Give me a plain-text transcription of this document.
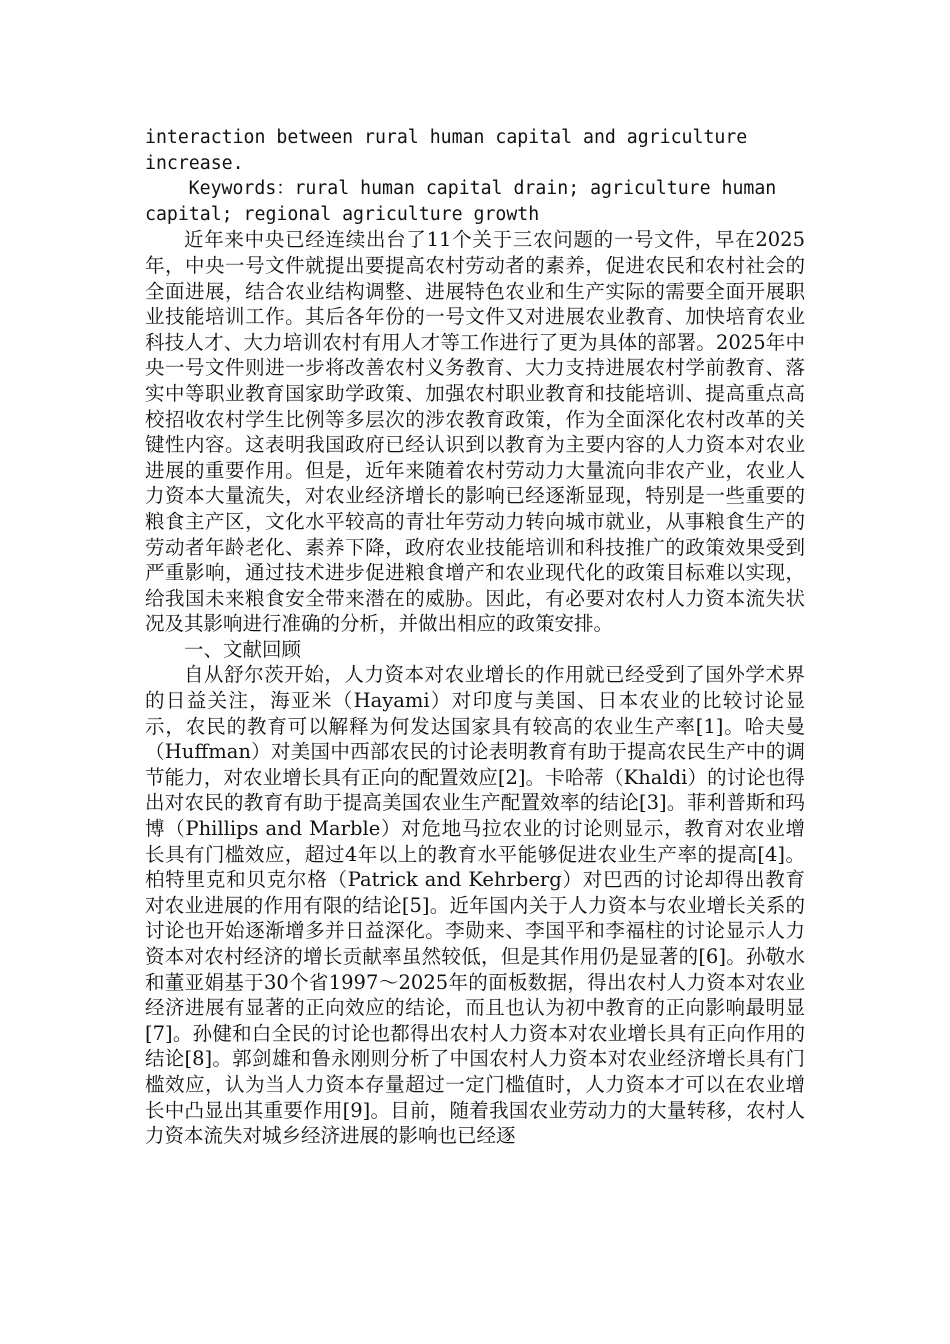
interaction between rural human capital and agriculture increase.

Keywords：rural human capital drain; agriculture human capital; regional agriculture growth

近年来中央已经连续出台了11个关于三农问题的一号文件，早在2025年，中央一号文件就提出要提高农村劳动者的素养，促进农民和农村社会的全面进展，结合农业结构调整、进展特色农业和生产实际的需要全面开展职业技能培训工作。其后各年份的一号文件又对进展农业教育、加快培育农业科技人才、大力培训农村有用人才等工作进行了更为具体的部署。2025年中央一号文件则进一步将改善农村义务教育、大力支持进展农村学前教育、落实中等职业教育国家助学政策、加强农村职业教育和技能培训、提高重点高校招收农村学生比例等多层次的涉农教育政策，作为全面深化农村改革的关键性内容。这表明我国政府已经认识到以教育为主要内容的人力资本对农业进展的重要作用。但是，近年来随着农村劳动力大量流向非农产业，农业人力资本大量流失，对农业经济增长的影响已经逐渐显现，特别是一些重要的粮食主产区，文化水平较高的青壮年劳动力转向城市就业，从事粮食生产的劳动者年龄老化、素养下降，政府农业技能培训和科技推广的政策效果受到严重影响，通过技术进步促进粮食增产和农业现代化的政策目标难以实现，给我国未来粮食安全带来潜在的威胁。因此，有必要对农村人力资本流失状况及其影响进行准确的分析，并做出相应的政策安排。

一、文献回顾

自从舒尔茨开始，人力资本对农业增长的作用就已经受到了国外学术界的日益关注，海亚米（Hayami）对印度与美国、日本农业的比较讨论显示，农民的教育可以解释为何发达国家具有较高的农业生产率[1]。哈夫曼（Huffman）对美国中西部农民的讨论表明教育有助于提高农民生产中的调节能力，对农业增长具有正向的配置效应[2]。卡哈蒂（Khaldi）的讨论也得出对农民的教育有助于提高美国农业生产配置效率的结论[3]。菲利普斯和玛博（Phillips and Marble）对危地马拉农业的讨论则显示，教育对农业增长具有门槛效应，超过4年以上的教育水平能够促进农业生产率的提高[4]。柏特里克和贝克尔格（Patrick and Kehrberg）对巴西的讨论却得出教育对农业进展的作用有限的结论[5]。近年国内关于人力资本与农业增长关系的讨论也开始逐渐增多并日益深化。李勋来、李国平和李福柱的讨论显示人力资本对农村经济的增长贡献率虽然较低，但是其作用仍是显著的[6]。孙敬水和董亚娟基于30个省1997～2025年的面板数据，得出农村人力资本对农业经济进展有显著的正向效应的结论，而且也认为初中教育的正向影响最明显[7]。孙健和白全民的讨论也都得出农村人力资本对农业增长具有正向作用的结论[8]。郭剑雄和鲁永刚则分析了中国农村人力资本对农业经济增长具有门槛效应，认为当人力资本存量超过一定门槛值时，人力资本才可以在农业增长中凸显出其重要作用[9]。目前，随着我国农业劳动力的大量转移，农村人力资本流失对城乡经济进展的影响也已经逐
